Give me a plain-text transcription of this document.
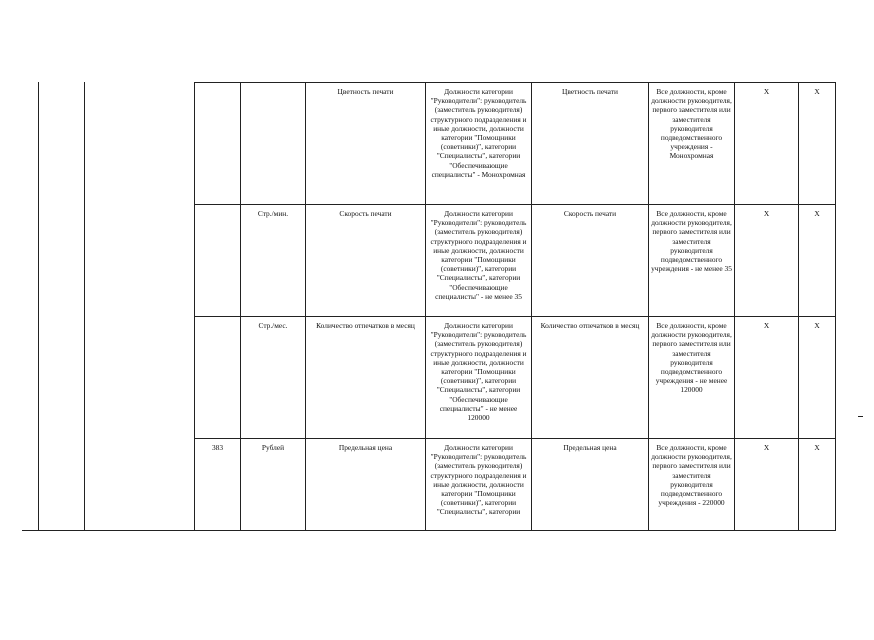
		Цветность печати	Должности категории "Руководители": руководитель (заместитель руководителя) структурного подразделения и иные должности, должности категории "Помощники (советники)", категории "Специалисты", категории "Обеспечивающие специалисты" - Монохромная	Цветность печати	Все должности, кроме должности руководителя, первого заместителя или заместителя руководителя подведомственного учреждения - Монохромная	X	X
	Стр./мин.	Скорость печати	Должности категории "Руководители": руководитель (заместитель руководителя) структурного подразделения и иные должности, должности категории "Помощники (советники)", категории "Специалисты", категории "Обеспечивающие специалисты" - не менее 35	Скорость печати	Все должности, кроме должности руководителя, первого заместителя или заместителя руководителя подведомственного учреждения - не менее 35	X	X
	Стр./мес.	Количество отпечатков в месяц	Должности категории "Руководители": руководитель (заместитель руководителя) структурного подразделения и иные должности, должности категории "Помощники (советники)", категории "Специалисты", категории "Обеспечивающие специалисты" - не менее 120000	Количество отпечатков в месяц	Все должности, кроме должности руководителя, первого заместителя или заместителя руководителя подведомственного учреждения - не менее 120000	X	X
383	Рублей	Предельная цена	Должности категории "Руководители": руководитель (заместитель руководителя) структурного подразделения и иные должности, должности категории "Помощники (советники)", категории "Специалисты", категории	Предельная цена	Все должности, кроме должности руководителя, первого заместителя или заместителя руководителя подведомственного учреждения - 220000	X	X
